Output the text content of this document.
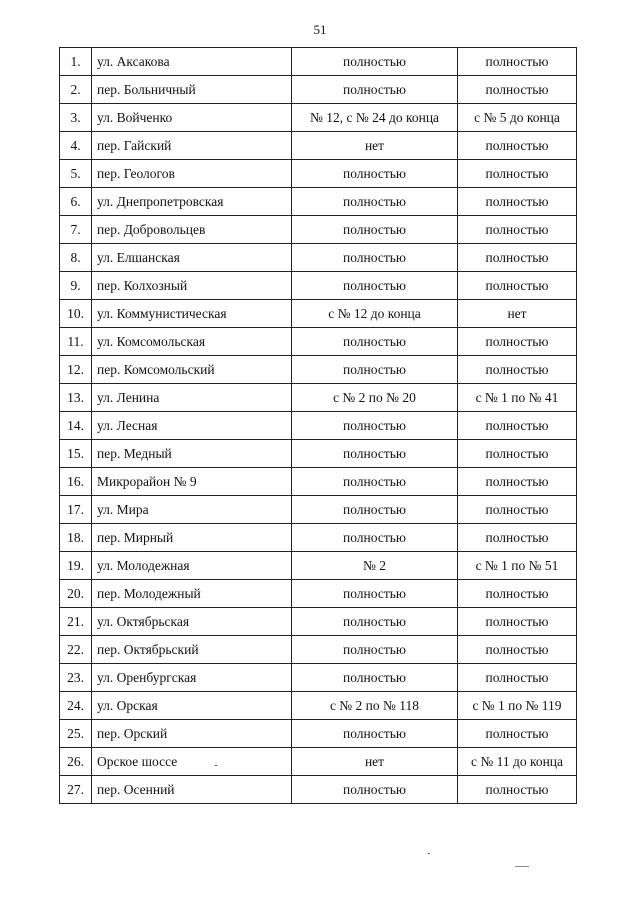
51
1.	ул. Аксакова	полностью	полностью
2.	пер. Больничный	полностью	полностью
3.	ул. Войченко	№ 12, с № 24 до конца	с № 5 до конца
4.	пер. Гайский	нет	полностью
5.	пер. Геологов	полностью	полностью
6.	ул. Днепропетровская	полностью	полностью
7.	пер. Добровольцев	полностью	полностью
8.	ул. Елшанская	полностью	полностью
9.	пер. Колхозный	полностью	полностью
10.	ул. Коммунистическая	с № 12 до конца	нет
11.	ул. Комсомольская	полностью	полностью
12.	пер. Комсомольский	полностью	полностью
13.	ул. Ленина	с № 2 по № 20	с № 1 по № 41
14.	ул. Лесная	полностью	полностью
15.	пер. Медный	полностью	полностью
16.	Микрорайон № 9	полностью	полностью
17.	ул. Мира	полностью	полностью
18.	пер. Мирный	полностью	полностью
19.	ул. Молодежная	№ 2	с № 1 по № 51
20.	пер. Молодежный	полностью	полностью
21.	ул. Октябрьская	полностью	полностью
22.	пер. Октябрьский	полностью	полностью
23.	ул. Оренбургская	полностью	полностью
24.	ул. Орская	с № 2 по № 118	с № 1 по № 119
25.	пер. Орский	полностью	полностью
26.	Орское шоссе	нет	с № 11 до конца
27.	пер. Осенний	полностью	полностью
